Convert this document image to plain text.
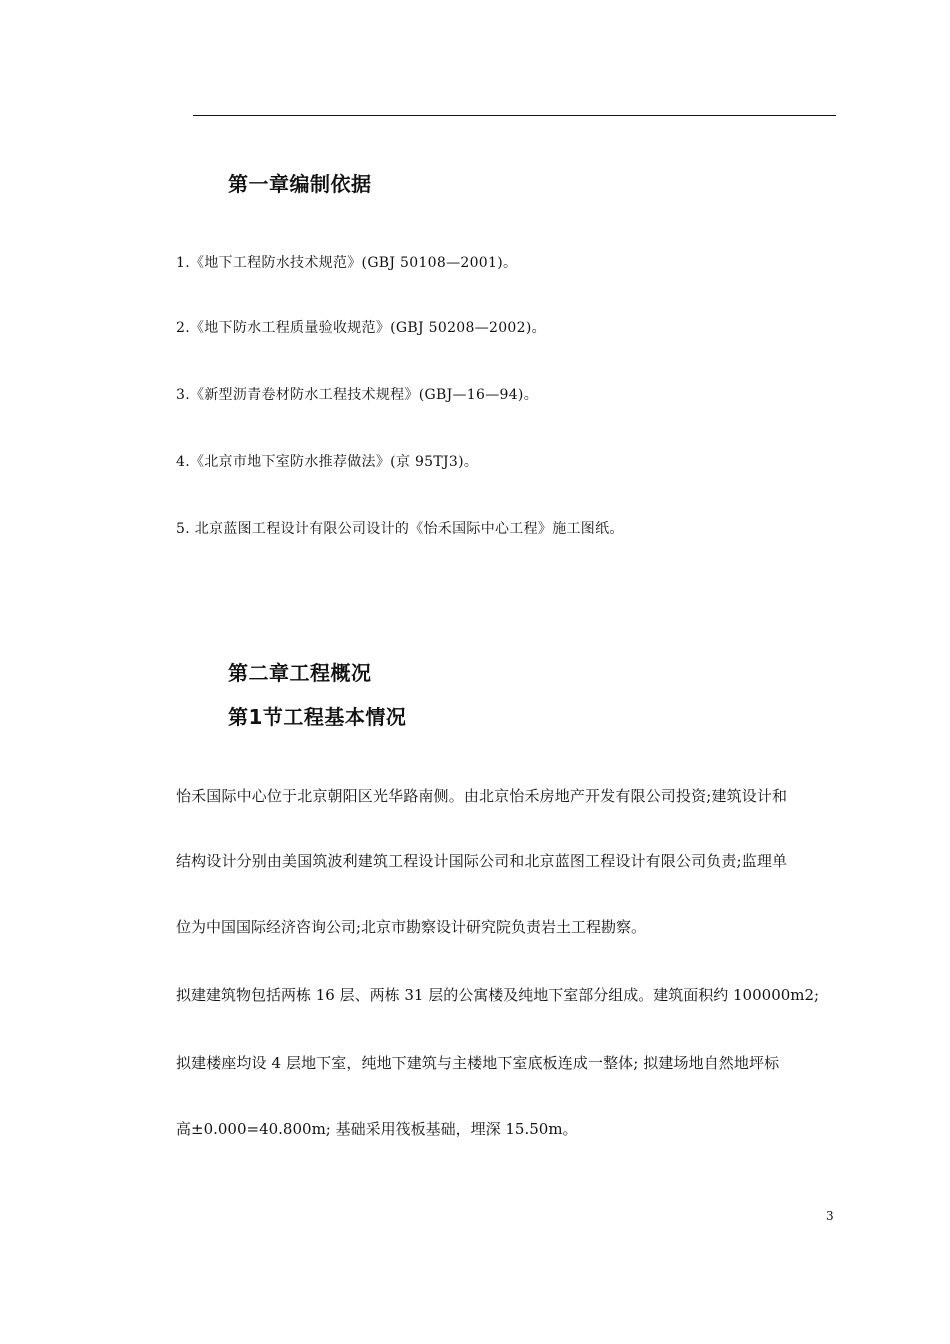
第一章编制依据
1.《地下工程防水技术规范》(GBJ 50108—2001)。
2.《地下防水工程质量验收规范》(GBJ 50208—2002)。
3.《新型沥青卷材防水工程技术规程》(GBJ—16—94)。
4.《北京市地下室防水推荐做法》(京 95TJ3)。
5. 北京蓝图工程设计有限公司设计的《怡禾国际中心工程》施工图纸。
第二章工程概况
第1节工程基本情况
怡禾国际中心位于北京朝阳区光华路南侧。由北京怡禾房地产开发有限公司投资;建筑设计和
结构设计分别由美国筑波利建筑工程设计国际公司和北京蓝图工程设计有限公司负责;监理单
位为中国国际经济咨询公司;北京市勘察设计研究院负责岩土工程勘察。
拟建建筑物包括两栋 16 层、两栋 31 层的公寓楼及纯地下室部分组成。建筑面积约 100000m2;
拟建楼座均设 4 层地下室，纯地下建筑与主楼地下室底板连成一整体; 拟建场地自然地坪标
高±0.000=40.800m; 基础采用筏板基础，埋深 15.50m。
3
